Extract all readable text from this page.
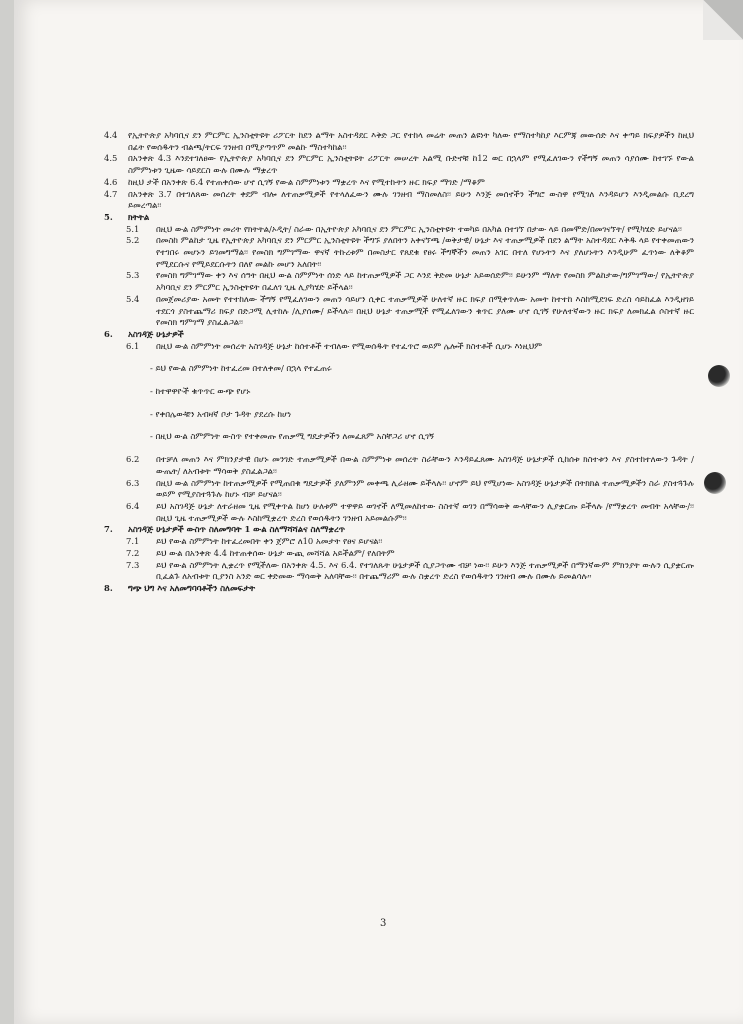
4.4	የኢትዮጵያ አካባቢና ደን ምርምር ኢንስቲትዩት ሪፖርት ከደን ልማት አስተዳደር እቅድ ጋር የተከላ መሬት መጠን ልዩነት ካለው የማስተካከያ እርምጃ መውሰድ እና ቀጣይ ክፍያዎችን ከዚህ በፊት የወሰዱትን ብልጫ/ትርፍ ገንዘብ በሚያጣጥም መልኩ ማስተካከል፡፡
4.5	በአንቀጽ 4.3 እንደተገለፀው የኢትዮጵያ አካባቢና ደን ምርምር ኢንስቲትዩት ሪፖርት መሠረት አልሚ ቡድኖቹ ከ12 ወር በኋላም የሚፈለገውን የችግኝ መጠን ሳያሰሙ ከተገኙ የውል ስምምነቱን ጊዜው ሳይደርስ ውሉ በሙሉ ማቋረጥ
4.6	ከዚህ ታች በአንቀጽ 6.4 የተጠቀሰው ሆኖ ሲገኝ የውል ስምምነቱን ማቋረጥ እና የሚተኩትን ዙር ክፍያ ማገድ /ማቆም
4.7	በአንቀጽ 3.7 በተገለጸው መሰረት ቀደም ብሎ ለተጠቃሚዎች የተላለፈውን ሙሉ ገንዘብ ማስመለስ፡፡ ይሁን እንጅ መሰኖችን ችግሮ ውስዋ የሚገለ እንዳይሆን እንዲመልሱ ቢደረግ ይመረጣል፡፡
5.	ክትትል
5.1	በዚህ ውል ስምምነት መሪት የክትትል/ኦዲት/ ስራው በኢትዮጵያ አካባቢና ደን ምርምር ኢንስቲትዩት ተወካይ በአካል በተገኘ በታው ላይ በመሞድ/በመገናኘት/ የሚካሄድ ይሆናል፡፡
5.2	በመስከ ምልከታ ጊዜ የኢትዮጵያ አካባቢና ደን ምርምር ኢንስቲትዩት ችግኙ ያለበትን አቀናኘጫ /ወቅታዊ/ ሁኔታ እና ተጠቃሚዎች በደን ልማት አስተዳደር እቅዱ ላይ የተቀመጠውን የተገበሩ መሆኑን ይገመግማል፡፡ የመስክ ግምገማው ዋናኛ ትኩረቱም በመስታር የጸደቁ የፀሩ ችግኞችን መጠን አገር በተለ የሆኑትን እና ያለሆኑትን እንዲሁም ፈጥነው ለቅቆም የሚደርሱና የሚይደርሱትን በለየ መልኩ መሆን አለበት፡፡
5.3	የመስክ ግምገማው ቀን እና ሰዓት በዚህ ውል ስምምነት ሰነድ ላይ ከተጠቃሚዎች ጋር እንደ ቅድመ ሁኔታ አይወሰድም፡፡ ይሁንም ማለት የመስክ ምልከታው/ግምገማው/ የኢትዮጵያ አካባቢና ደን ምርምር ኢንስቲትዩት በፈለገ ጊዜ ሊያካሄድ ይችላል፡፡
5.4	በመጀመሪያው አመት የተተከለው ችግኝ የሚፈለገውን መጠን ሳይሆን ሲቀር ተጠቃሚዎች ሁለተኛ ዙር ክፍያ በሚቀጥለው አመት ከተተከ እስከሚደገፍ ድረስ ሳይከፈል እንዲዘገይ ተደርጎ ያስተጨማሪ ክፍያ በድጋሚ ሊተከሉ /ሊያሰሙ/ ይችላሉ፡፡ በዚህ ሁኔታ ተጠቃሚች የሚፈለገውን ቁጥር ያለሙ ሆኖ ሲገኝ የሁለተኛውን ዙር ክፍያ ለመክፈል ሶስተኛ ዙር የመስክ ግምገማ ያስፈልጋል፡፡
6.	አስገዳጅ ሁኔታዎች
6.1	በዚህ ውል ስምምነት መሰረት አስገዳጅ ሁኔታ ከሰተቶች ተብለው የሚወሰዱት የተፈጥሮ ወይም ሌሎች ክስተቶች ሲሆኑ እነዚህም
- ይህ የውል ስምምነት ከተፈረመ በተለቀመ/ በኋላ የተፈጠሩ
- ከተዋዋዮች ቁጥጥር ውጭ የሆኑ
- የቀበሌውቹን አብዛኛ ቦታ ጉዳት ያደረሱ ከሆነ
- በዚህ ውል ስምምነት ውስጥ የተቀመጡ የጠቃሚ ግዴታዎችን ለመፈጸም አስቸጋሪ ሆኖ ሲገኝ
6.2	በተቻለ መጠን እና ምክንያታዊ በሆኑ መንገድ ተጠቃሚዎች በውል ስምምነቱ መሰረት ስራቸውን እንዳይፈጸሙ አስገዳጅ ሁኔታዎች ሲከሰቱ ክስተቱን እና ያስተከተለውን ጉዳት /ውጤት/ ለአብቱት ማሳወቅ ያስፈልጋል፡፡
6.3	በዚህ ውል ስምምነት ከተጠቃሚዎች የሚጠበቁ ግዴታዎች ያለምንም መቀጫ ሊራዘሙ ይችላሉ፡፡ ሆኖም ይህ የሚሆነው አስገዳጅ ሁኔታዎች በትክክል ተጠቃሚዎችን ስራ ያስተጓጉሉ ወይም የሚያስተጓጉሉ ከሆኑ ብቻ ይሆናል፡፡
6.4	ይህ አስገዳጅ ሁኔታ ለተራዘመ ጊዜ የሚቀጥል ከሆነ ሁለቱም ተዋዋይ ወገኖች ለሚመለከተው ስስተኛ ወገን በማሳወቅ ውላቸውን ሊያቋርጡ ይችላሉ /የማቋረጥ መብት አላቸው/፡፡ በዚህ ጊዜ ተጠቃሚዎች ውሉ እስከሚቋረጥ ድረስ የወሰዱትን ገንዘብ አይመልሱም፡፡
7.	አስገዳጅ ሁኔታዎች ውስጥ ስለመግባት 1 ውል ስለማሻሻልና ስለማቋረጥ
7.1	ይህ የውል ስምምነት ከተፈረመበት ቀን ጀምሮ ለ10 አመታት የፀና ይሆናል፡፡
7.2	ይህ ውል በአንቀጽ 4.4 ከተጠቀሰው ሁኔታ ውጪ መሻሻል አይችልም/ የለበትም
7.3	ይህ የውል ስምምነት ሊቋረጥ የሚችለው በአንቀጽ 4.5. እና 6.4. የተገለጹት ሁኔታዎች ሲያጋጥሙ ብቻ ነው፡፡ ይሁን እንጅ ተጠቃሚዎች በማንኛውም ምክንያት ውሉን ሲያቋርጡ ቢፈልጉ ለአብቱት ቢያንስ አንድ ወር ቀድመው ማሳወቅ አለባቸው፡፡ በተጨማሪም ውሉ ስቋረጥ ድረስ የወሰዱትን ገንዘብ ሙሉ በሙሉ ይመልሳሉ።
8.	ግጭ ህግ እና አለመግባባቶችን ስለመፍታት
3
